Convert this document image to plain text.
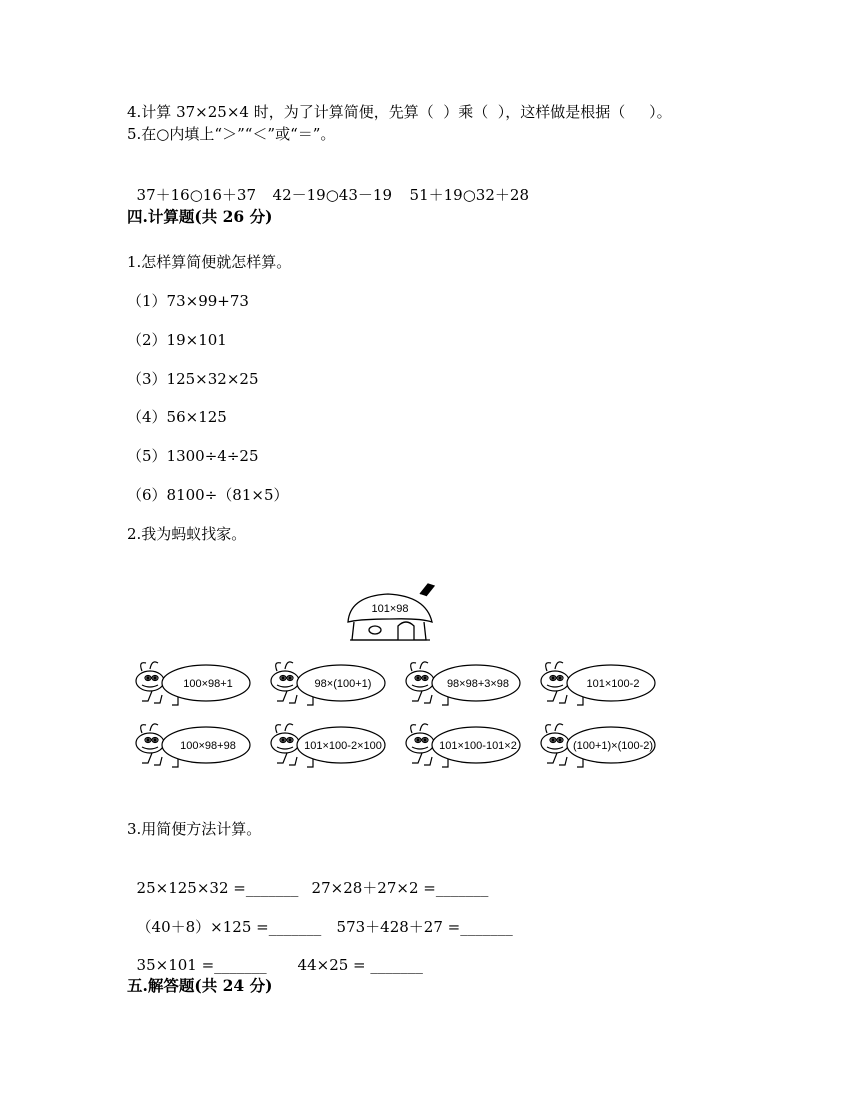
4.计算 37×25×4 时，为了计算简便，先算（  ）乘（  ），这样做是根据（     ）。
5.在○内填上“＞”“＜”或“＝”。

37＋16○16＋37 42－19○43－19 51＋19○32＋28

四.计算题(共 26 分)
1.怎样算简便就怎样算。
（1）73×99+73
（2）19×101
（3）125×32×25
（4）56×125
（5）1300÷4÷25
（6）8100÷（81×5）
2.我为蚂蚁找家。
101×98
100×98+1	98×(100+1)	98×98+3×98	101×100-2
100×98+98	101×100-2×100	101×100-101×2	(100+1)×(100-2)
3.用简便方法计算。

25×125×32 =_______ 27×28＋27×2 =_______

（40＋8）×125 =_______ 573＋428＋27 =_______

35×101 =_______ 44×25 = _______

五.解答题(共 24 分)
